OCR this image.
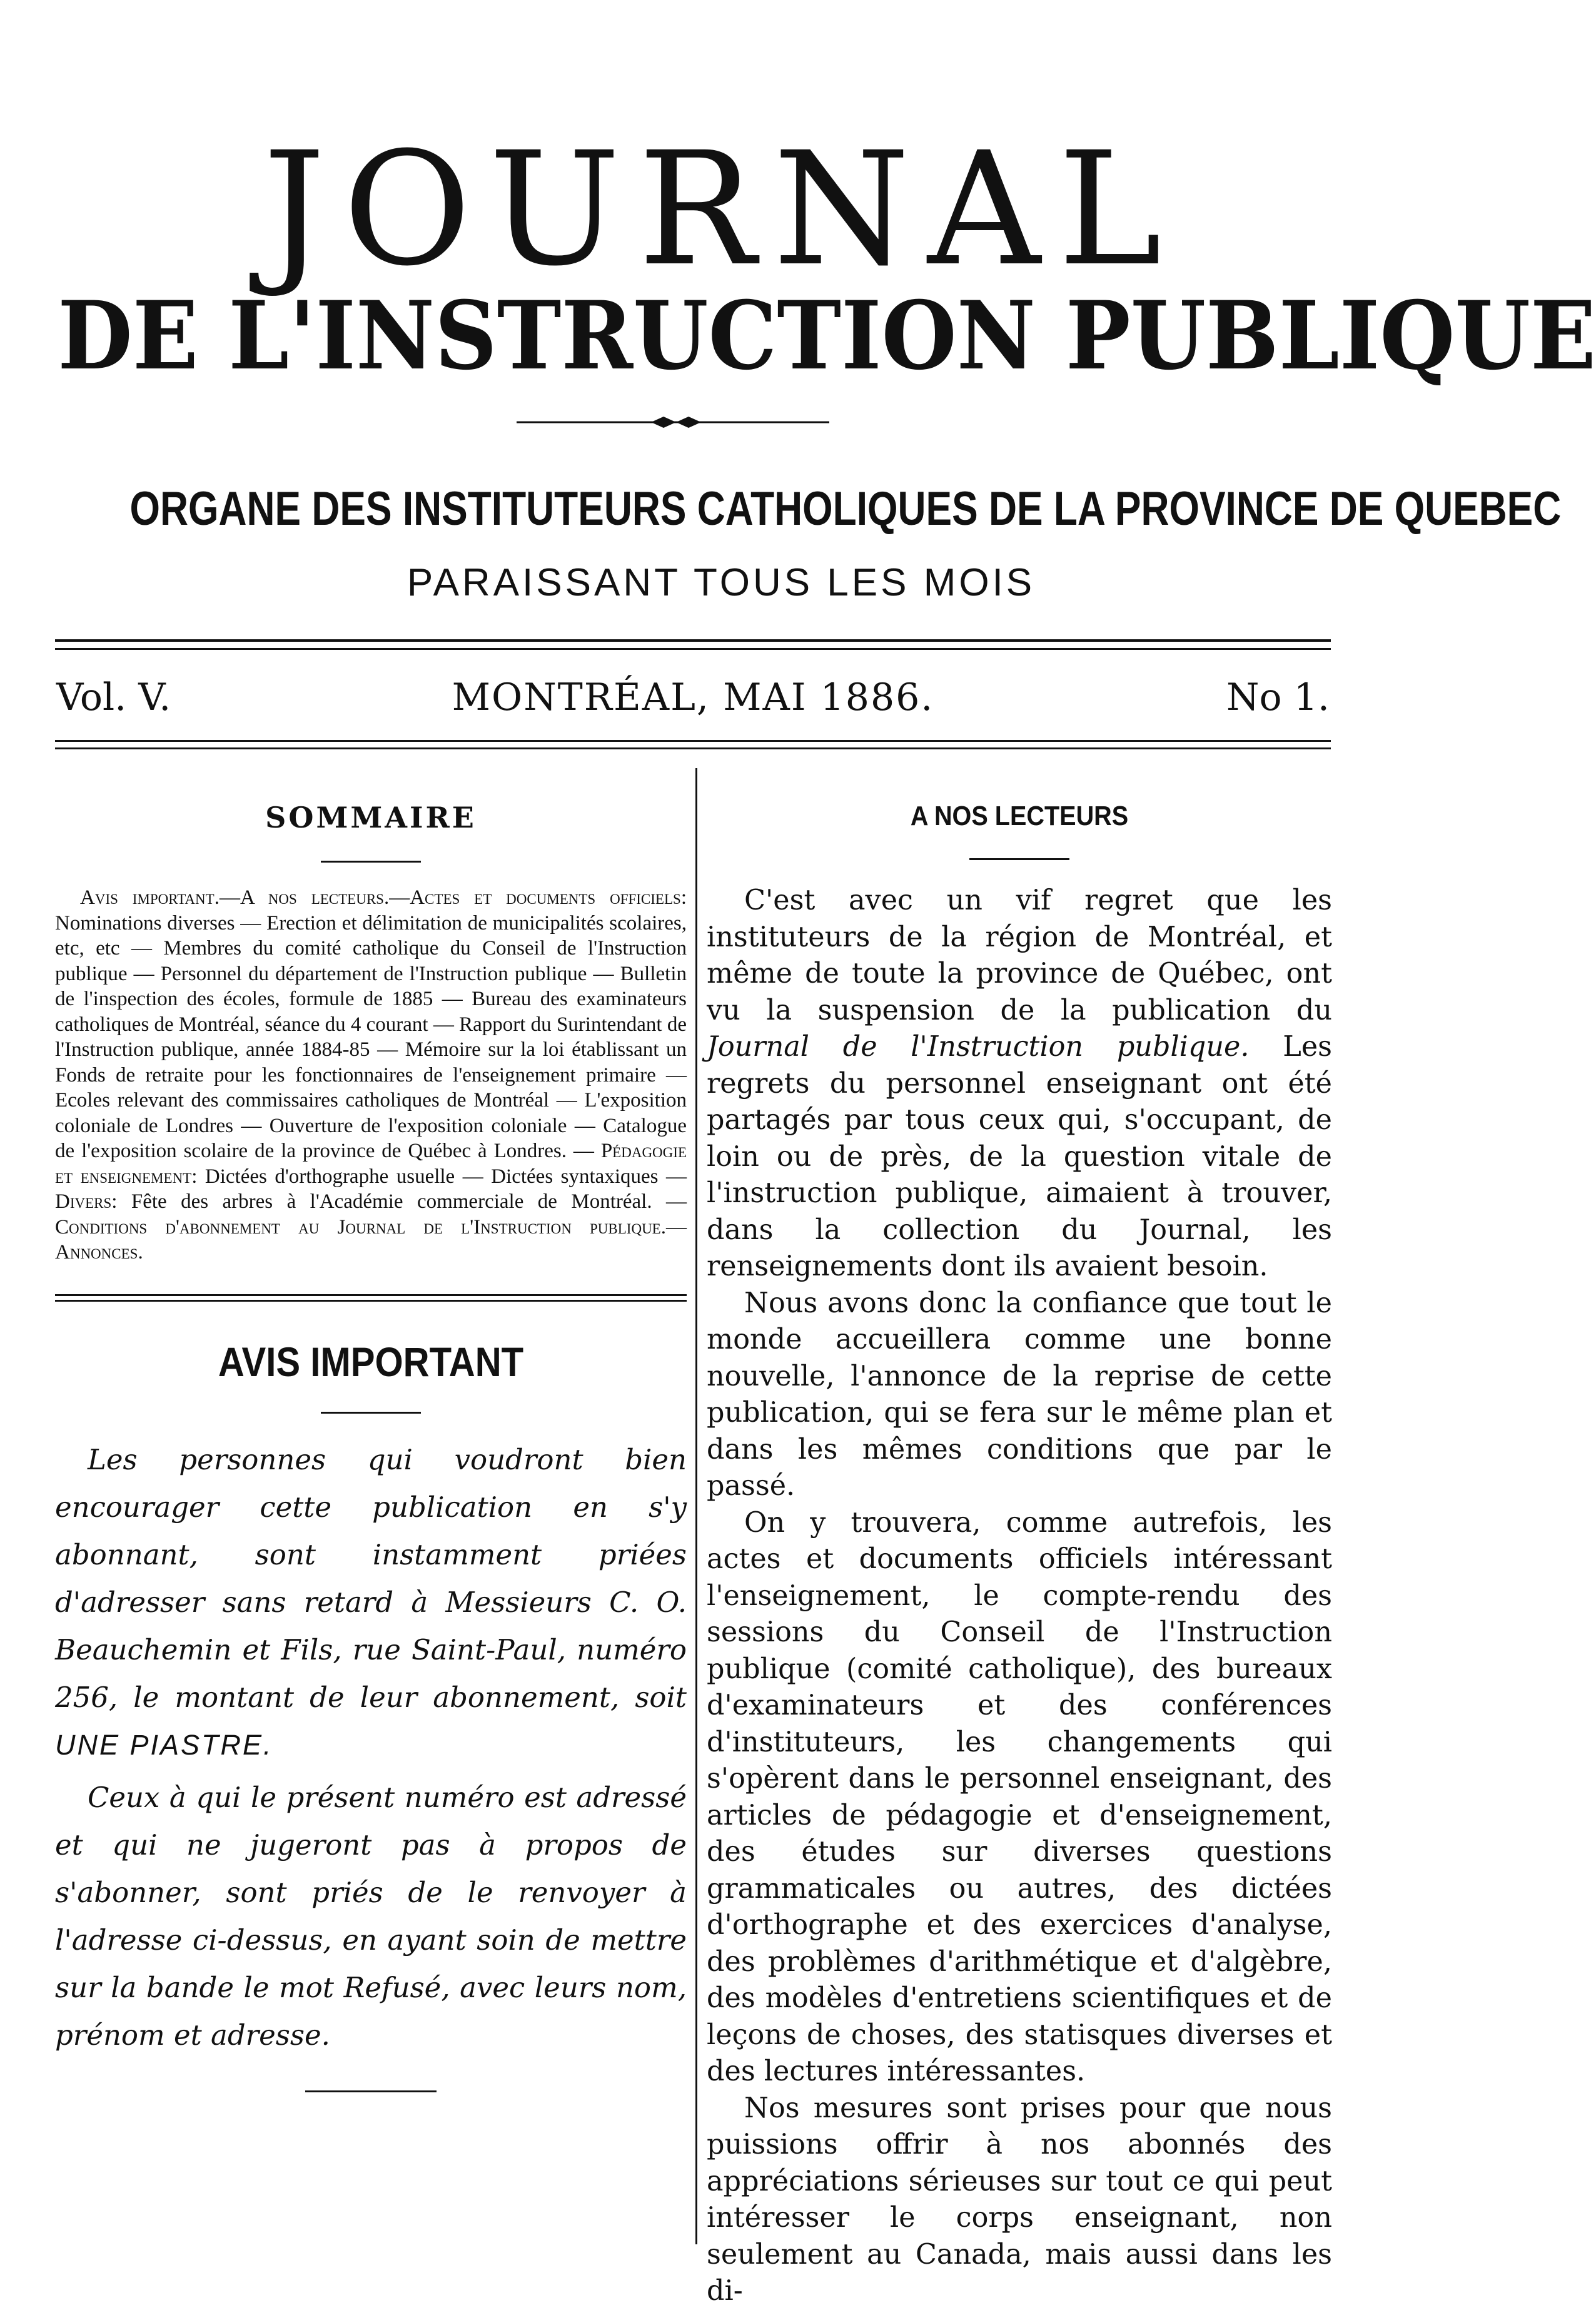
JOURNAL
DE L'INSTRUCTION PUBLIQUE
ORGANE DES INSTITUTEURS CATHOLIQUES DE LA PROVINCE DE QUEBEC
PARAISSANT TOUS LES MOIS
Vol. V.	MONTRÉAL, MAI 1886.	No 1.
SOMMAIRE

Avis important.—A nos lecteurs.—Actes et documents officiels: Nominations diverses — Erection et délimitation de municipalités scolaires, etc, etc — Membres du comité catholique du Conseil de l'Instruction publique — Personnel du département de l'Instruction publique — Bulletin de l'inspection des écoles, formule de 1885 — Bureau des examinateurs catholiques de Montréal, séance du 4 courant — Rapport du Surintendant de l'Instruction publique, année 1884-85 — Mémoire sur la loi établissant un Fonds de retraite pour les fonctionnaires de l'enseignement primaire — Ecoles relevant des commissaires catholiques de Montréal — L'exposition coloniale de Londres — Ouverture de l'exposition coloniale — Catalogue de l'exposition scolaire de la province de Québec à Londres. — Pédagogie et enseignement: Dictées d'orthographe usuelle — Dictées syntaxiques — Divers: Fête des arbres à l'Académie commerciale de Montréal. — Conditions d'abonnement au Journal de l'Instruction publique.— Annonces.

AVIS IMPORTANT

Les personnes qui voudront bien encourager cette publication en s'y abonnant, sont instamment priées d'adresser sans retard à Messieurs C. O. Beauchemin et Fils, rue Saint-Paul, numéro 256, le montant de leur abonnement, soit UNE PIASTRE.

Ceux à qui le présent numéro est adressé et qui ne jugeront pas à propos de s'abonner, sont priés de le renvoyer à l'adresse ci-dessus, en ayant soin de mettre sur la bande le mot Refusé, avec leurs nom, prénom et adresse.

A NOS LECTEURS

C'est avec un vif regret que les instituteurs de la région de Montréal, et même de toute la province de Québec, ont vu la suspension de la publication du Journal de l'Instruction publique. Les regrets du personnel enseignant ont été partagés par tous ceux qui, s'occupant, de loin ou de près, de la question vitale de l'instruction publique, aimaient à trouver, dans la collection du Journal, les renseignements dont ils avaient besoin.

Nous avons donc la confiance que tout le monde accueillera comme une bonne nouvelle, l'annonce de la reprise de cette publication, qui se fera sur le même plan et dans les mêmes conditions que par le passé.

On y trouvera, comme autrefois, les actes et documents officiels intéressant l'enseignement, le compte-rendu des sessions du Conseil de l'Instruction publique (comité catholique), des bureaux d'examinateurs et des conférences d'instituteurs, les changements qui s'opèrent dans le personnel enseignant, des articles de pédagogie et d'enseignement, des études sur diverses questions grammaticales ou autres, des dictées d'orthographe et des exercices d'analyse, des problèmes d'arithmétique et d'algèbre, des modèles d'entretiens scientifiques et de leçons de choses, des statisques diverses et des lectures intéressantes.

Nos mesures sont prises pour que nous puissions offrir à nos abonnés des appréciations sérieuses sur tout ce qui peut intéresser le corps enseignant, non seulement au Canada, mais aussi dans les di-
